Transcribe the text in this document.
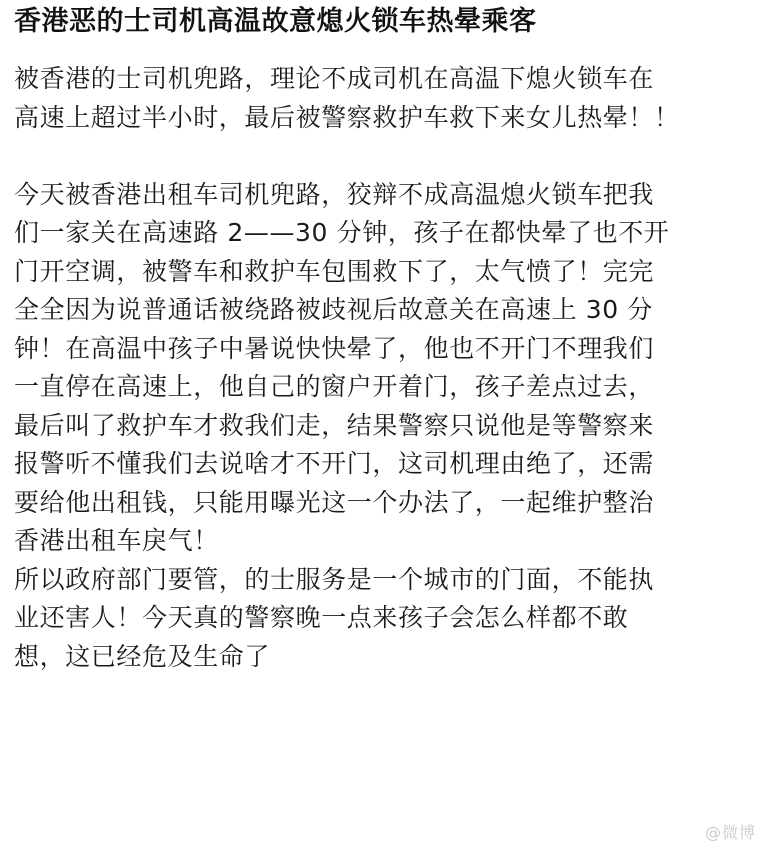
香港恶的士司机高温故意熄火锁车热晕乘客
被香港的士司机兜路，理论不成司机在高温下熄火锁车在
高速上超过半小时，最后被警察救护车救下来女儿热晕！！
今天被香港出租车司机兜路，狡辩不成高温熄火锁车把我
们一家关在高速路 2——30 分钟，孩子在都快晕了也不开
门开空调，被警车和救护车包围救下了，太气愤了！完完
全全因为说普通话被绕路被歧视后故意关在高速上 30 分
钟！在高温中孩子中暑说快快晕了，他也不开门不理我们
一直停在高速上，他自己的窗户开着门，孩子差点过去，
最后叫了救护车才救我们走，结果警察只说他是等警察来
报警听不懂我们去说啥才不开门，这司机理由绝了，还需
要给他出租钱，只能用曝光这一个办法了，一起维护整治
香港出租车戾气！
所以政府部门要管，的士服务是一个城市的门面，不能执
业还害人！今天真的警察晚一点来孩子会怎么样都不敢
想，这已经危及生命了
@微博
